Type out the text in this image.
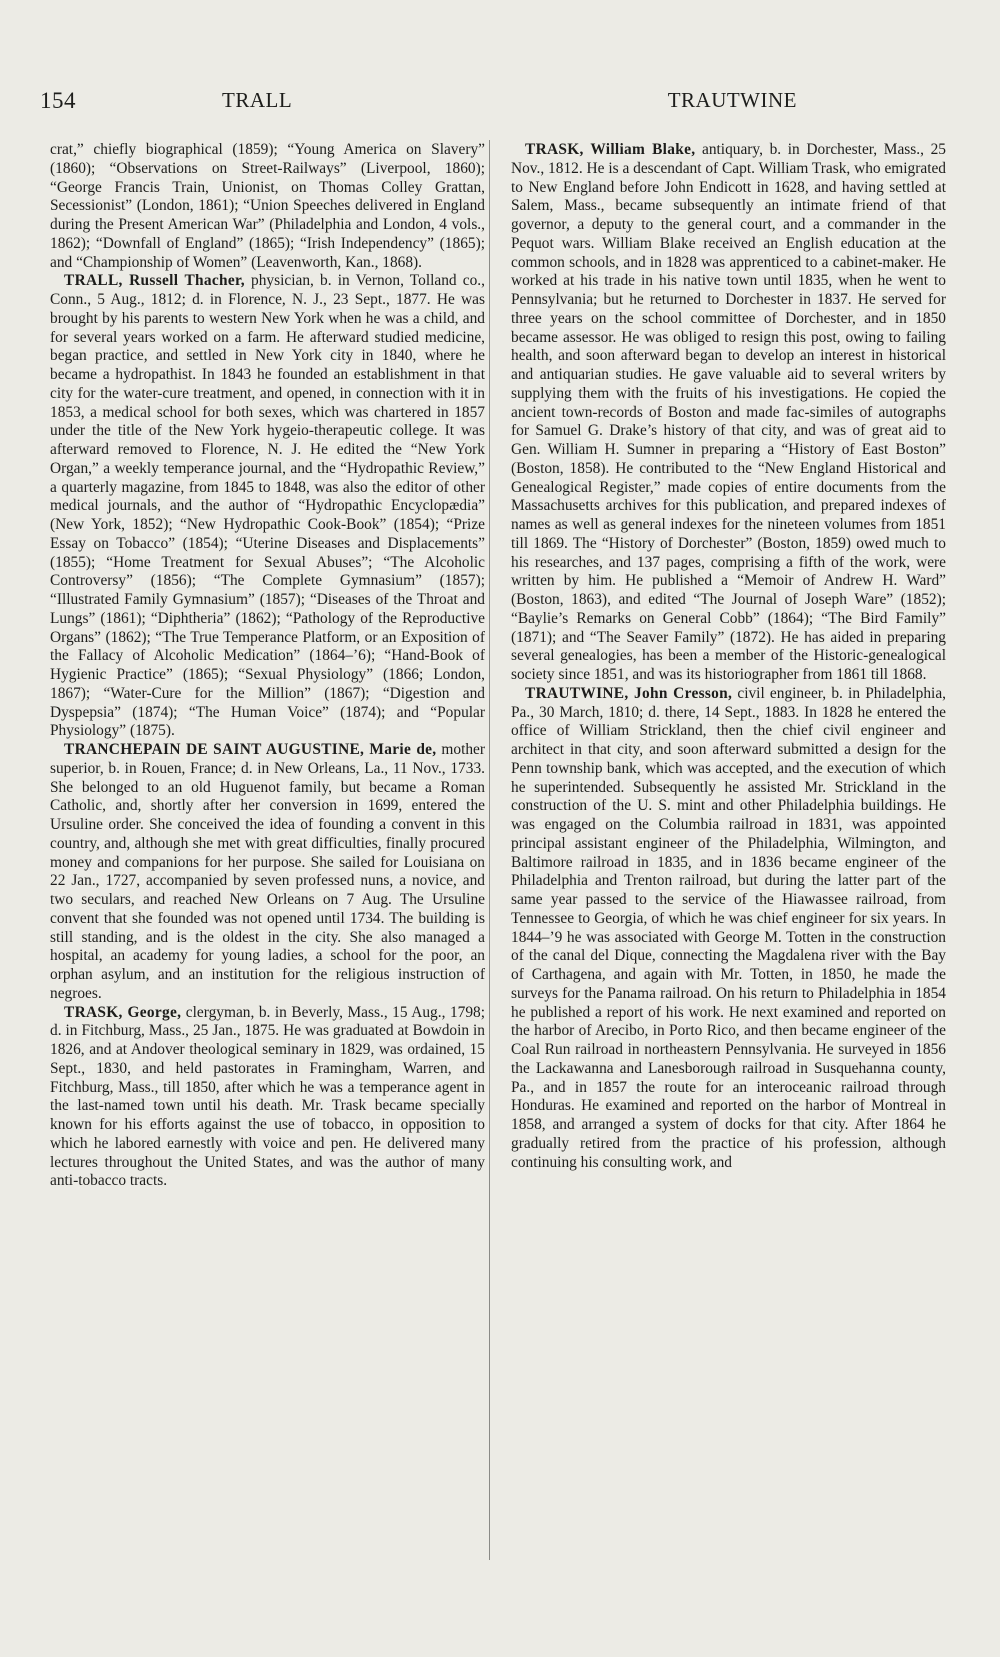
154	TRALL	TRAUTWINE

crat,” chiefly biographical (1859); “Young America on Slavery” (1860); “Observations on Street-Railways” (Liverpool, 1860); “George Francis Train, Unionist, on Thomas Colley Grattan, Secessionist” (London, 1861); “Union Speeches delivered in England during the Present American War” (Philadelphia and London, 4 vols., 1862); “Downfall of England” (1865); “Irish Independency” (1865); and “Championship of Women” (Leavenworth, Kan., 1868).

TRALL, Russell Thacher, physician, b. in Vernon, Tolland co., Conn., 5 Aug., 1812; d. in Florence, N. J., 23 Sept., 1877. He was brought by his parents to western New York when he was a child, and for several years worked on a farm. He afterward studied medicine, began practice, and settled in New York city in 1840, where he became a hydropathist. In 1843 he founded an establishment in that city for the water-cure treatment, and opened, in connection with it in 1853, a medical school for both sexes, which was chartered in 1857 under the title of the New York hygeio-therapeutic college. It was afterward removed to Florence, N. J. He edited the “New York Organ,” a weekly temperance journal, and the “Hydropathic Review,” a quarterly magazine, from 1845 to 1848, was also the editor of other medical journals, and the author of “Hydropathic Encyclopædia” (New York, 1852); “New Hydropathic Cook-Book” (1854); “Prize Essay on Tobacco” (1854); “Uterine Diseases and Displacements” (1855); “Home Treatment for Sexual Abuses”; “The Alcoholic Controversy” (1856); “The Complete Gymnasium” (1857); “Illustrated Family Gymnasium” (1857); “Diseases of the Throat and Lungs” (1861); “Diphtheria” (1862); “Pathology of the Reproductive Organs” (1862); “The True Temperance Platform, or an Exposition of the Fallacy of Alcoholic Medication” (1864–’6); “Hand-Book of Hygienic Practice” (1865); “Sexual Physiology” (1866; London, 1867); “Water-Cure for the Million” (1867); “Digestion and Dyspepsia” (1874); “The Human Voice” (1874); and “Popular Physiology” (1875).

TRANCHEPAIN DE SAINT AUGUSTINE, Marie de, mother superior, b. in Rouen, France; d. in New Orleans, La., 11 Nov., 1733. She belonged to an old Huguenot family, but became a Roman Catholic, and, shortly after her conversion in 1699, entered the Ursuline order. She conceived the idea of founding a convent in this country, and, although she met with great difficulties, finally procured money and companions for her purpose. She sailed for Louisiana on 22 Jan., 1727, accompanied by seven professed nuns, a novice, and two seculars, and reached New Orleans on 7 Aug. The Ursuline convent that she founded was not opened until 1734. The building is still standing, and is the oldest in the city. She also managed a hospital, an academy for young ladies, a school for the poor, an orphan asylum, and an institution for the religious instruction of negroes.

TRASK, George, clergyman, b. in Beverly, Mass., 15 Aug., 1798; d. in Fitchburg, Mass., 25 Jan., 1875. He was graduated at Bowdoin in 1826, and at Andover theological seminary in 1829, was ordained, 15 Sept., 1830, and held pastorates in Framingham, Warren, and Fitchburg, Mass., till 1850, after which he was a temperance agent in the last-named town until his death. Mr. Trask became specially known for his efforts against the use of tobacco, in opposition to which he labored earnestly with voice and pen. He delivered many lectures throughout the United States, and was the author of many anti-tobacco tracts.

TRASK, William Blake, antiquary, b. in Dorchester, Mass., 25 Nov., 1812. He is a descendant of Capt. William Trask, who emigrated to New England before John Endicott in 1628, and having settled at Salem, Mass., became subsequently an intimate friend of that governor, a deputy to the general court, and a commander in the Pequot wars. William Blake received an English education at the common schools, and in 1828 was apprenticed to a cabinet-maker. He worked at his trade in his native town until 1835, when he went to Pennsylvania; but he returned to Dorchester in 1837. He served for three years on the school committee of Dorchester, and in 1850 became assessor. He was obliged to resign this post, owing to failing health, and soon afterward began to develop an interest in historical and antiquarian studies. He gave valuable aid to several writers by supplying them with the fruits of his investigations. He copied the ancient town-records of Boston and made fac-similes of autographs for Samuel G. Drake’s history of that city, and was of great aid to Gen. William H. Sumner in preparing a “History of East Boston” (Boston, 1858). He contributed to the “New England Historical and Genealogical Register,” made copies of entire documents from the Massachusetts archives for this publication, and prepared indexes of names as well as general indexes for the nineteen volumes from 1851 till 1869. The “History of Dorchester” (Boston, 1859) owed much to his researches, and 137 pages, comprising a fifth of the work, were written by him. He published a “Memoir of Andrew H. Ward” (Boston, 1863), and edited “The Journal of Joseph Ware” (1852); “Baylie’s Remarks on General Cobb” (1864); “The Bird Family” (1871); and “The Seaver Family” (1872). He has aided in preparing several genealogies, has been a member of the Historic-genealogical society since 1851, and was its historiographer from 1861 till 1868.

TRAUTWINE, John Cresson, civil engineer, b. in Philadelphia, Pa., 30 March, 1810; d. there, 14 Sept., 1883. In 1828 he entered the office of William Strickland, then the chief civil engineer and architect in that city, and soon afterward submitted a design for the Penn township bank, which was accepted, and the execution of which he superintended. Subsequently he assisted Mr. Strickland in the construction of the U. S. mint and other Philadelphia buildings. He was engaged on the Columbia railroad in 1831, was appointed principal assistant engineer of the Philadelphia, Wilmington, and Baltimore railroad in 1835, and in 1836 became engineer of the Philadelphia and Trenton railroad, but during the latter part of the same year passed to the service of the Hiawassee railroad, from Tennessee to Georgia, of which he was chief engineer for six years. In 1844–’9 he was associated with George M. Totten in the construction of the canal del Dique, connecting the Magdalena river with the Bay of Carthagena, and again with Mr. Totten, in 1850, he made the surveys for the Panama railroad. On his return to Philadelphia in 1854 he published a report of his work. He next examined and reported on the harbor of Arecibo, in Porto Rico, and then became engineer of the Coal Run railroad in northeastern Pennsylvania. He surveyed in 1856 the Lackawanna and Lanesborough railroad in Susquehanna county, Pa., and in 1857 the route for an interoceanic railroad through Honduras. He examined and reported on the harbor of Montreal in 1858, and arranged a system of docks for that city. After 1864 he gradually retired from the practice of his profession, although continuing his consulting work, and
